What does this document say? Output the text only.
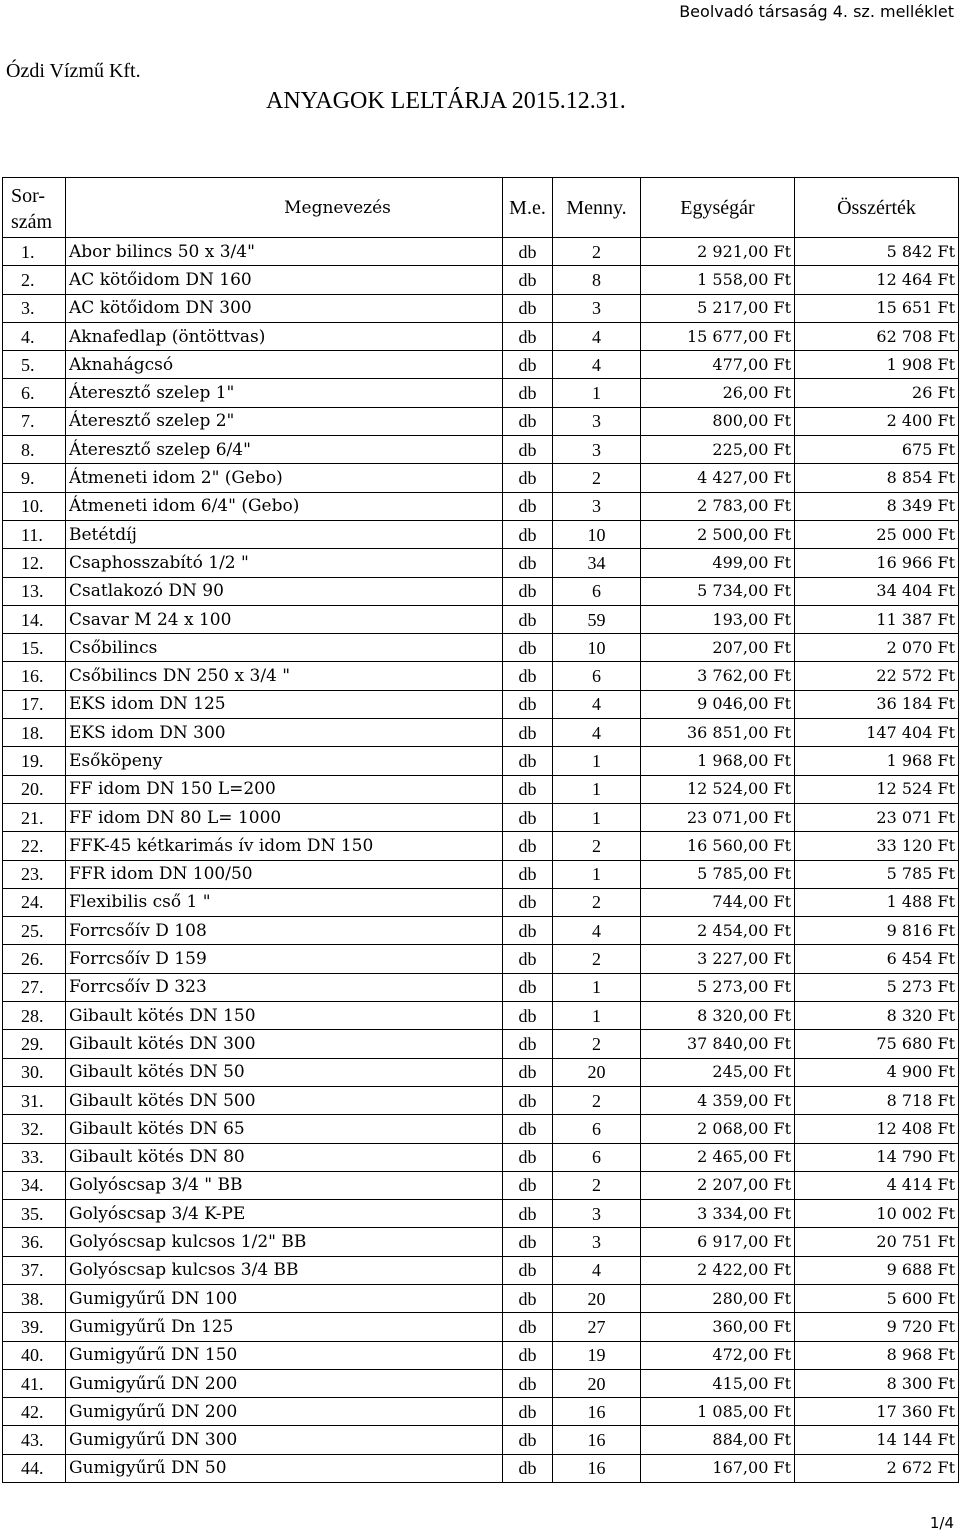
Beolvadó társaság 4. sz. melléklet
Ózdi Vízmű Kft.
ANYAGOK LELTÁRJA 2015.12.31.
Sor-
szám	Megnevezés	M.e.	Menny.	Egységár	Összérték
1.	Abor bilincs 50 x 3/4"	db	2	2 921,00 Ft	5 842 Ft
2.	AC kötőidom DN 160	db	8	1 558,00 Ft	12 464 Ft
3.	AC kötőidom DN 300	db	3	5 217,00 Ft	15 651 Ft
4.	Aknafedlap (öntöttvas)	db	4	15 677,00 Ft	62 708 Ft
5.	Aknahágcsó	db	4	477,00 Ft	1 908 Ft
6.	Áteresztő szelep 1"	db	1	26,00 Ft	26 Ft
7.	Áteresztő szelep 2"	db	3	800,00 Ft	2 400 Ft
8.	Áteresztő szelep 6/4"	db	3	225,00 Ft	675 Ft
9.	Átmeneti idom 2" (Gebo)	db	2	4 427,00 Ft	8 854 Ft
10.	Átmeneti idom 6/4" (Gebo)	db	3	2 783,00 Ft	8 349 Ft
11.	Betétdíj	db	10	2 500,00 Ft	25 000 Ft
12.	Csaphosszabító 1/2 "	db	34	499,00 Ft	16 966 Ft
13.	Csatlakozó DN 90	db	6	5 734,00 Ft	34 404 Ft
14.	Csavar M 24 x 100	db	59	193,00 Ft	11 387 Ft
15.	Csőbilincs	db	10	207,00 Ft	2 070 Ft
16.	Csőbilincs DN 250 x 3/4 "	db	6	3 762,00 Ft	22 572 Ft
17.	EKS idom DN 125	db	4	9 046,00 Ft	36 184 Ft
18.	EKS idom DN 300	db	4	36 851,00 Ft	147 404 Ft
19.	Esőköpeny	db	1	1 968,00 Ft	1 968 Ft
20.	FF idom DN 150 L=200	db	1	12 524,00 Ft	12 524 Ft
21.	FF idom DN 80 L= 1000	db	1	23 071,00 Ft	23 071 Ft
22.	FFK-45 kétkarimás ív idom DN 150	db	2	16 560,00 Ft	33 120 Ft
23.	FFR idom DN 100/50	db	1	5 785,00 Ft	5 785 Ft
24.	Flexibilis cső 1 "	db	2	744,00 Ft	1 488 Ft
25.	Forrcsőív D 108	db	4	2 454,00 Ft	9 816 Ft
26.	Forrcsőív D 159	db	2	3 227,00 Ft	6 454 Ft
27.	Forrcsőív D 323	db	1	5 273,00 Ft	5 273 Ft
28.	Gibault kötés DN 150	db	1	8 320,00 Ft	8 320 Ft
29.	Gibault kötés DN 300	db	2	37 840,00 Ft	75 680 Ft
30.	Gibault kötés DN 50	db	20	245,00 Ft	4 900 Ft
31.	Gibault kötés DN 500	db	2	4 359,00 Ft	8 718 Ft
32.	Gibault kötés DN 65	db	6	2 068,00 Ft	12 408 Ft
33.	Gibault kötés DN 80	db	6	2 465,00 Ft	14 790 Ft
34.	Golyóscsap 3/4 " BB	db	2	2 207,00 Ft	4 414 Ft
35.	Golyóscsap 3/4 K-PE	db	3	3 334,00 Ft	10 002 Ft
36.	Golyóscsap kulcsos 1/2" BB	db	3	6 917,00 Ft	20 751 Ft
37.	Golyóscsap kulcsos 3/4 BB	db	4	2 422,00 Ft	9 688 Ft
38.	Gumigyűrű DN 100	db	20	280,00 Ft	5 600 Ft
39.	Gumigyűrű Dn 125	db	27	360,00 Ft	9 720 Ft
40.	Gumigyűrű DN 150	db	19	472,00 Ft	8 968 Ft
41.	Gumigyűrű DN 200	db	20	415,00 Ft	8 300 Ft
42.	Gumigyűrű DN 200	db	16	1 085,00 Ft	17 360 Ft
43.	Gumigyűrű DN 300	db	16	884,00 Ft	14 144 Ft
44.	Gumigyűrű DN 50	db	16	167,00 Ft	2 672 Ft
1/4
